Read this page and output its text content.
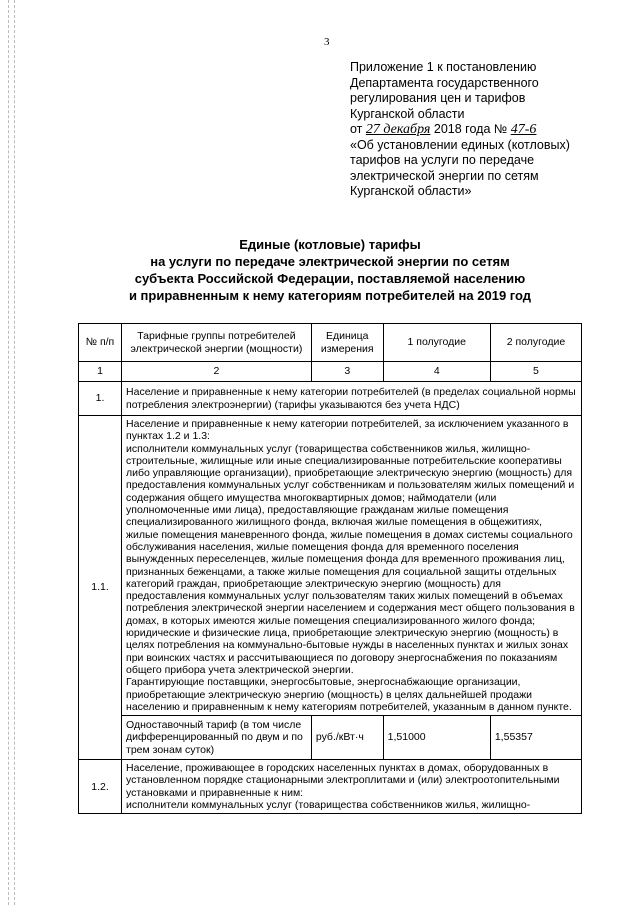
3
Приложение 1 к постановлению
Департамента государственного
регулирования цен и тарифов
Курганской области
от 27 декабря 2018 года № 47-6
«Об установлении единых (котловых)
тарифов на услуги по передаче
электрической энергии по сетям
Курганской области»
Единые (котловые) тарифы
на услуги по передаче электрической энергии по сетям
субъекта Российской Федерации, поставляемой населению
и приравненным к нему категориям потребителей на 2019 год
№ п/п	Тарифные группы потребителей электрической энергии (мощности)	Единица измерения	1 полугодие	2 полугодие
1	2	3	4	5
1.	Население и приравненные к нему категории потребителей (в пределах социальной нормы потребления электроэнергии) (тарифы указываются без учета НДС)			
1.1.	Население и приравненные к нему категории потребителей, за исключением указанного в пунктах 1.2 и 1.3:
исполнители коммунальных услуг (товарищества собственников жилья, жилищно-строительные, жилищные или иные специализированные потребительские кооперативы либо управляющие организации), приобретающие электрическую энергию (мощность) для предоставления коммунальных услуг собственникам и пользователям жилых помещений и содержания общего имущества многоквартирных домов; наймодатели (или уполномоченные ими лица), предоставляющие гражданам жилые помещения специализированного жилищного фонда, включая жилые помещения в общежитиях, жилые помещения маневренного фонда, жилые помещения в домах системы социального обслуживания населения, жилые помещения фонда для временного поселения вынужденных переселенцев, жилые помещения фонда для временного проживания лиц, признанных беженцами, а также жилые помещения для социальной защиты отдельных категорий граждан, приобретающие электрическую энергию (мощность) для предоставления коммунальных услуг пользователям таких жилых помещений в объемах потребления электрической энергии населением и содержания мест общего пользования в домах, в которых имеются жилые помещения специализированного жилого фонда; юридические и физические лица, приобретающие электрическую энергию (мощность) в целях потребления на коммунально-бытовые нужды в населенных пунктах и жилых зонах при воинских частях и рассчитывающиеся по договору энергоснабжения по показаниям общего прибора учета электрической энергии.
Гарантирующие поставщики, энергосбытовые, энергоснабжающие организации, приобретающие электрическую энергию (мощность) в целях дальнейшей продажи населению и приравненным к нему категориям потребителей, указанным в данном пункте.			
	Одноставочный тариф (в том числе дифференцированный по двум и по трем зонам суток)	руб./кВт·ч	1,51000	1,55357
1.2.	Население, проживающее в городских населенных пунктах в домах, оборудованных в установленном порядке стационарными электроплитами и (или) электроотопительными установками и приравненные к ним:
исполнители коммунальных услуг (товарищества собственников жилья, жилищно-			
